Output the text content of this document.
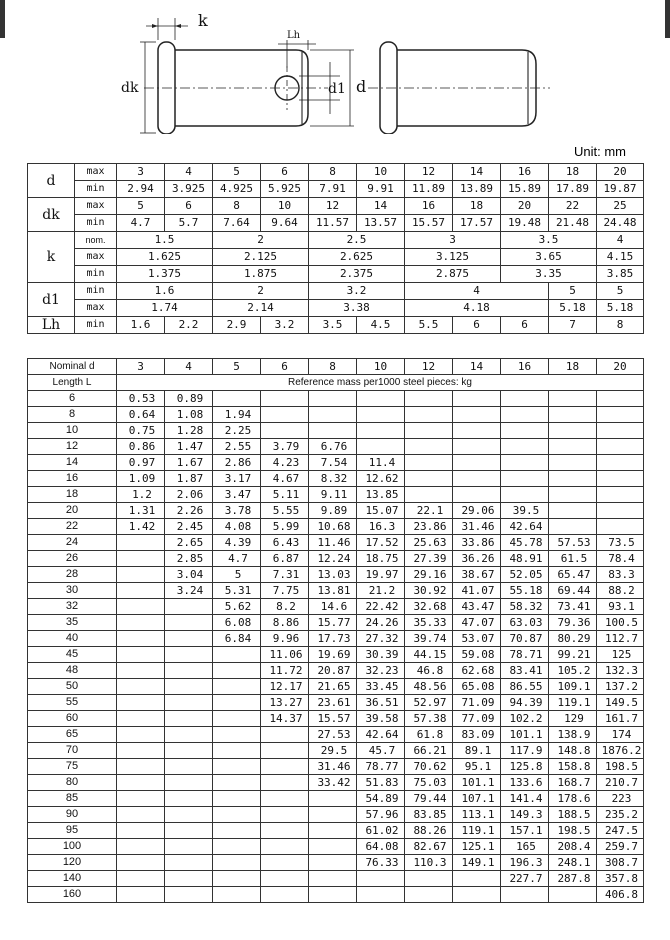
k
Lh
dk	d1 d
Unit: mm
d	max	3	4	5	6	8	10	12	14	16	18	20
	min	2.94	3.925	4.925	5.925	7.91	9.91	11.89	13.89	15.89	17.89	19.87
dk	max	5	6	8	10	12	14	16	18	20	22	25
	min	4.7	5.7	7.64	9.64	11.57	13.57	15.57	17.57	19.48	21.48	24.48
k	nom.	1.5		2		2.5		3		3.5		4
	max	1.625		2.125		2.625		3.125		3.65		4.15
	min	1.375		1.875		2.375		2.875		3.35		3.85
d1	min	1.6		2		3.2		4			5	5
	max	1.74		2.14		3.38		4.18			5.18	5.18
Lh	min	1.6	2.2	2.9	3.2	3.5	4.5	5.5	6	6	7	8
Nominal d	3	4	5	6	8	10	12	14	16	18	20
Length L	Reference mass per1000 steel pieces: kg										
6	0.53	0.89									
8	0.64	1.08	1.94								
10	0.75	1.28	2.25								
12	0.86	1.47	2.55	3.79	6.76						
14	0.97	1.67	2.86	4.23	7.54	11.4					
16	1.09	1.87	3.17	4.67	8.32	12.62					
18	1.2	2.06	3.47	5.11	9.11	13.85					
20	1.31	2.26	3.78	5.55	9.89	15.07	22.1	29.06	39.5		
22	1.42	2.45	4.08	5.99	10.68	16.3	23.86	31.46	42.64		
24		2.65	4.39	6.43	11.46	17.52	25.63	33.86	45.78	57.53	73.5
26		2.85	4.7	6.87	12.24	18.75	27.39	36.26	48.91	61.5	78.4
28		3.04	5	7.31	13.03	19.97	29.16	38.67	52.05	65.47	83.3
30		3.24	5.31	7.75	13.81	21.2	30.92	41.07	55.18	69.44	88.2
32			5.62	8.2	14.6	22.42	32.68	43.47	58.32	73.41	93.1
35			6.08	8.86	15.77	24.26	35.33	47.07	63.03	79.36	100.5
40			6.84	9.96	17.73	27.32	39.74	53.07	70.87	80.29	112.7
45				11.06	19.69	30.39	44.15	59.08	78.71	99.21	125
48				11.72	20.87	32.23	46.8	62.68	83.41	105.2	132.3
50				12.17	21.65	33.45	48.56	65.08	86.55	109.1	137.2
55				13.27	23.61	36.51	52.97	71.09	94.39	119.1	149.5
60				14.37	15.57	39.58	57.38	77.09	102.2	129	161.7
65					27.53	42.64	61.8	83.09	101.1	138.9	174
70					29.5	45.7	66.21	89.1	117.9	148.8	1876.2
75					31.46	78.77	70.62	95.1	125.8	158.8	198.5
80					33.42	51.83	75.03	101.1	133.6	168.7	210.7
85						54.89	79.44	107.1	141.4	178.6	223
90						57.96	83.85	113.1	149.3	188.5	235.2
95						61.02	88.26	119.1	157.1	198.5	247.5
100						64.08	82.67	125.1	165	208.4	259.7
120						76.33	110.3	149.1	196.3	248.1	308.7
140									227.7	287.8	357.8
160											406.8
